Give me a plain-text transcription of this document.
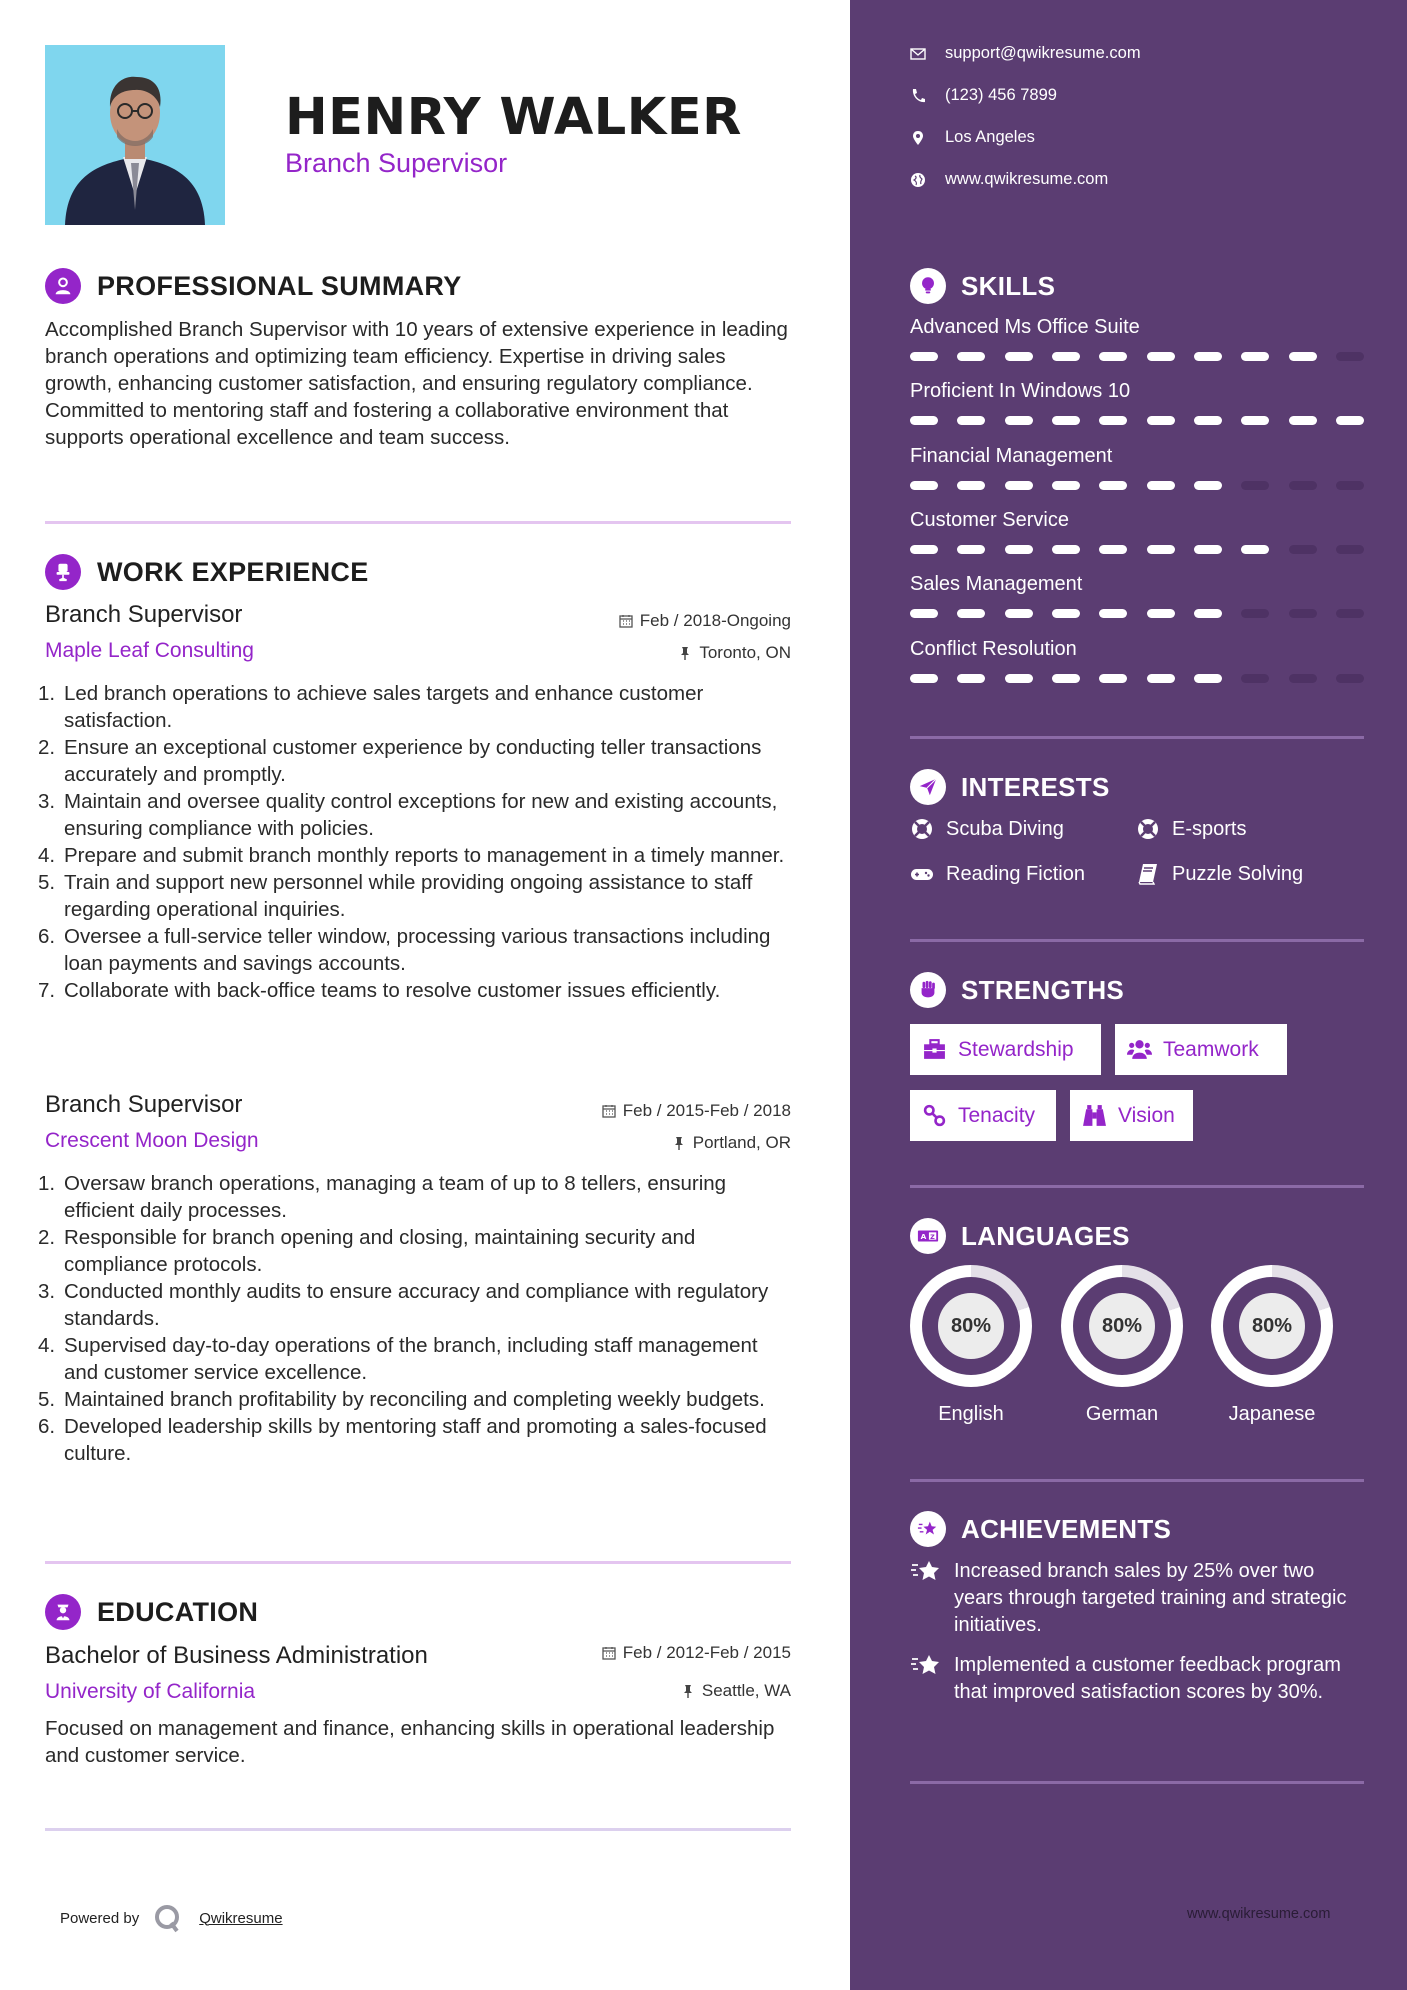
HENRY WALKER
Branch Supervisor
PROFESSIONAL SUMMARY
Accomplished Branch Supervisor with 10 years of extensive experience in leading branch operations and optimizing team efficiency. Expertise in driving sales growth, enhancing customer satisfaction, and ensuring regulatory compliance. Committed to mentoring staff and fostering a collaborative environment that supports operational excellence and team success.
WORK EXPERIENCE
Branch Supervisor	Feb / 2018-Ongoing
Maple Leaf Consulting	Toronto, ON
1. Led branch operations to achieve sales targets and enhance customer satisfaction.
2. Ensure an exceptional customer experience by conducting teller transactions accurately and promptly.
3. Maintain and oversee quality control exceptions for new and existing accounts, ensuring compliance with policies.
4. Prepare and submit branch monthly reports to management in a timely manner.
5. Train and support new personnel while providing ongoing assistance to staff regarding operational inquiries.
6. Oversee a full-service teller window, processing various transactions including loan payments and savings accounts.
7. Collaborate with back-office teams to resolve customer issues efficiently.
Branch Supervisor	Feb / 2015-Feb / 2018
Crescent Moon Design	Portland, OR
1. Oversaw branch operations, managing a team of up to 8 tellers, ensuring efficient daily processes.
2. Responsible for branch opening and closing, maintaining security and compliance protocols.
3. Conducted monthly audits to ensure accuracy and compliance with regulatory standards.
4. Supervised day-to-day operations of the branch, including staff management and customer service excellence.
5. Maintained branch profitability by reconciling and completing weekly budgets.
6. Developed leadership skills by mentoring staff and promoting a sales-focused culture.
EDUCATION
Bachelor of Business Administration	Feb / 2012-Feb / 2015
University of California	Seattle, WA
Focused on management and finance, enhancing skills in operational leadership and customer service.
Powered by	Qwikresume
support@qwikresume.com
(123) 456 7899
Los Angeles
www.qwikresume.com
SKILLS
Advanced Ms Office Suite
Proficient In Windows 10
Financial Management
Customer Service
Sales Management
Conflict Resolution
INTERESTS
Scuba Diving	E-sports
Reading Fiction	Puzzle Solving
STRENGTHS
Stewardship	Teamwork
Tenacity	Vision
A Z LANGUAGES
80%
English
80%
German
80%
Japanese
ACHIEVEMENTS
Increased branch sales by 25% over two years through targeted training and strategic initiatives.
Implemented a customer feedback program that improved satisfaction scores by 30%.
www.qwikresume.com
